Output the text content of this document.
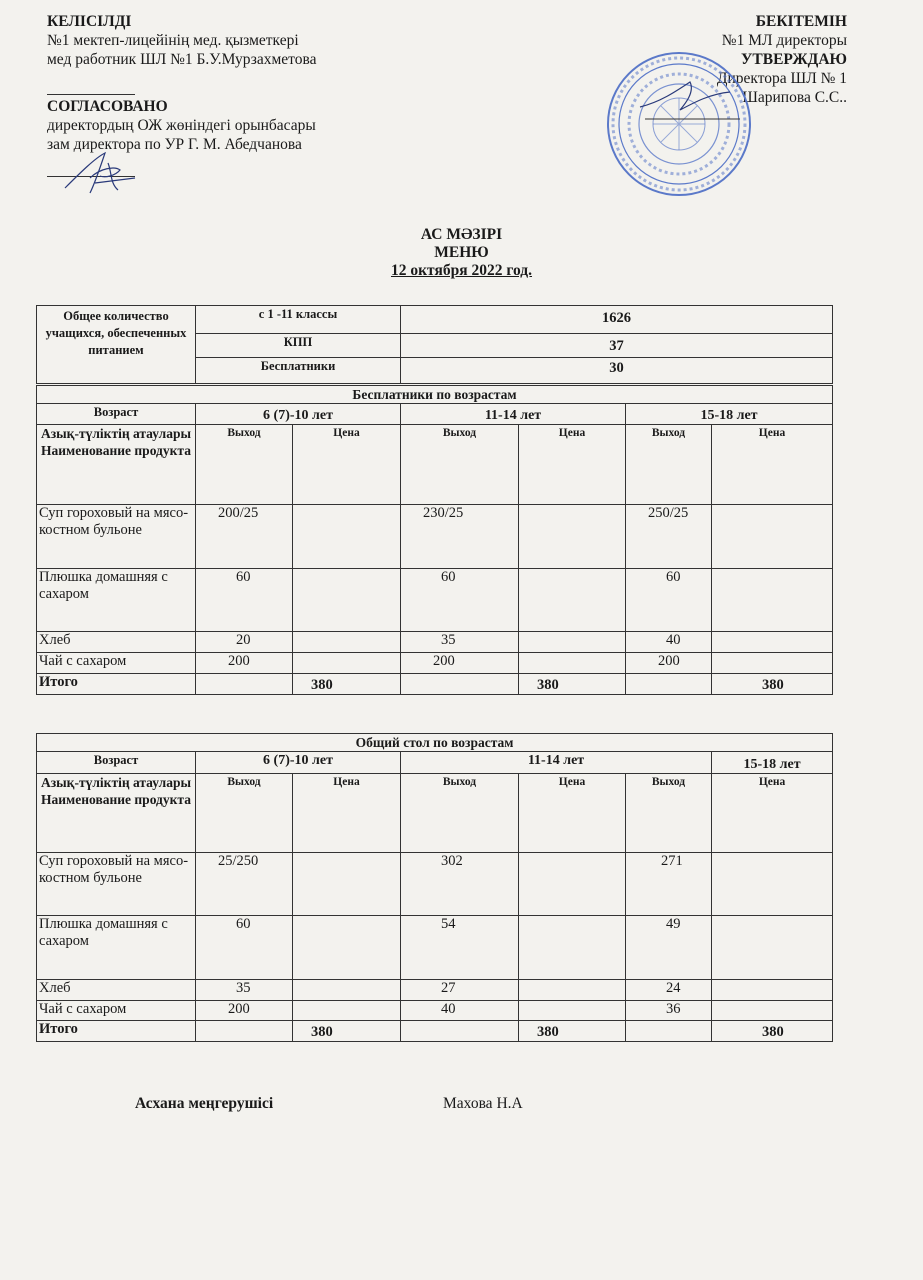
КЕЛІСІЛДІ
№1 мектеп-лицейінің мед. қызметкері
мед работник ШЛ №1 Б.У.Мурзахметова
СОГЛАСОВАНО
директордың ОЖ жөніндегі орынбасары
зам директора по УР Г. М. Абедчанова
БЕКІТЕМІН
№1 МЛ директоры
УТВЕРЖДАЮ
Директора ШЛ № 1
Шарипова С.С..
АС МӘЗІРІ
МЕНЮ
12 октября 2022 год.
Общее количество учащихся, обеспеченных питанием	с 1 -11 классы	1626
	КПП	37
	Бесплатники	30
Бесплатники по возрастам						
Возраст	6 (7)-10 лет		11-14 лет		15-18 лет	
Азық-түліктің атаулары Наименование продукта	Выход	Цена	Выход	Цена	Выход	Цена
Суп гороховый на мясо-костном бульоне	200/25		230/25		250/25	
Плюшка домашняя с сахаром	60		60		60	
Хлеб	20		35		40	
Чай с сахаром	200		200		200	
Итого		380		380		380
Общий стол по возрастам						
Возраст	6 (7)-10 лет		11-14 лет			15-18 лет
Азық-түліктің атаулары Наименование продукта	Выход	Цена	Выход	Цена	Выход	Цена
Суп гороховый на мясо-костном бульоне	25/250		302		271	
Плюшка домашняя с сахаром	60		54		49	
Хлеб	35		27		24	
Чай с сахаром	200		40		36	
Итого		380		380		380
Асхана меңгерушісі	Махова Н.А
